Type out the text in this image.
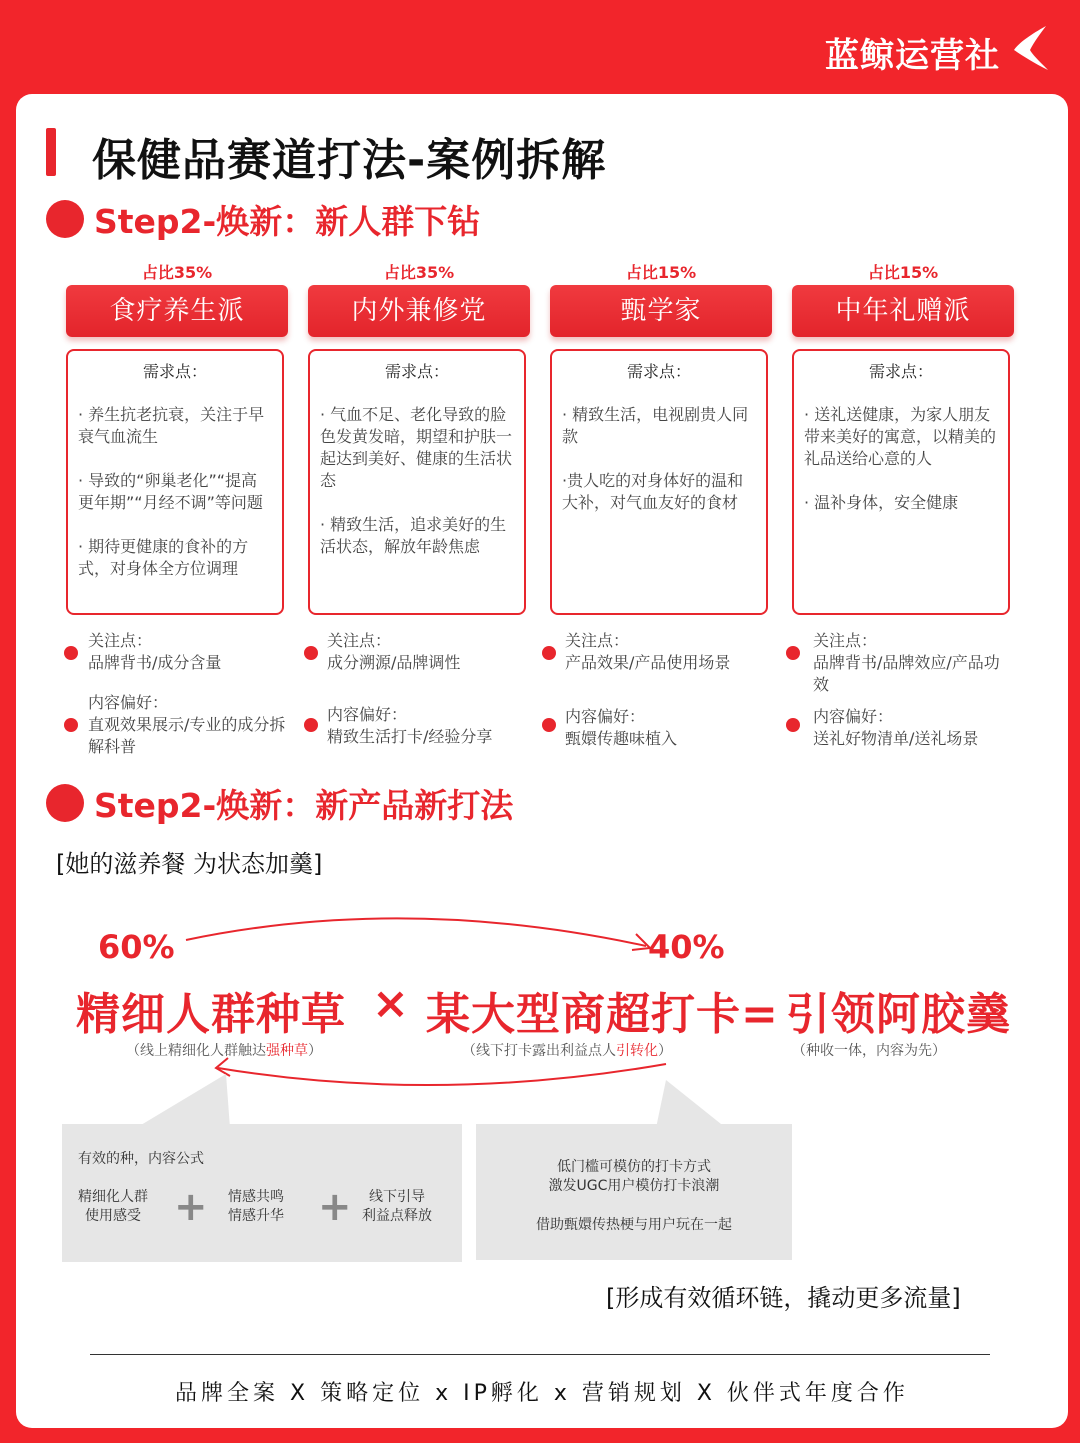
蓝鲸运营社
保健品赛道打法-案例拆解
Step2-焕新：新人群下钻
占比35%
食疗养生派
需求点：
· 养生抗老抗衰，关注于早衰气血流生
· 导致的“卵巢老化”“提高更年期”“月经不调”等问题
· 期待更健康的食补的方式，对身体全方位调理
占比35%
内外兼修党
需求点：
· 气血不足、老化导致的脸色发黄发暗，期望和护肤一起达到美好、健康的生活状态
· 精致生活，追求美好的生活状态，解放年龄焦虑
占比15%
甄学家
需求点：
· 精致生活，电视剧贵人同款
·贵人吃的对身体好的温和大补，对气血友好的食材
占比15%
中年礼赠派
需求点：
· 送礼送健康，为家人朋友带来美好的寓意，以精美的礼品送给心意的人
· 温补身体，安全健康
关注点：
品牌背书/成分含量
内容偏好：
直观效果展示/专业的成分拆解科普
关注点：
成分溯源/品牌调性
内容偏好：
精致生活打卡/经验分享
关注点：
产品效果/产品使用场景
内容偏好：
甄嬛传趣味植入
关注点：
品牌背书/品牌效应/产品功效
内容偏好：
送礼好物清单/送礼场景
Step2-焕新：新产品新打法
[她的滋养餐 为状态加羹]
60%	40%
精细人群种草 × 某大型商超打卡= 引领阿胶羹
（线上精细化人群触达强种草）	（线下打卡露出利益点人引转化）	（种收一体，内容为先）
有效的种，内容公式
精细化人群
使用感受 + 情感共鸣
情感升华 +	线下引导
利益点释放
低门槛可模仿的打卡方式
激发UGC用户模仿打卡浪潮
借助甄嬛传热梗与用户玩在一起
[形成有效循环链，撬动更多流量]
品牌全案 X 策略定位 x IP孵化 x 营销规划 X 伙伴式年度合作
